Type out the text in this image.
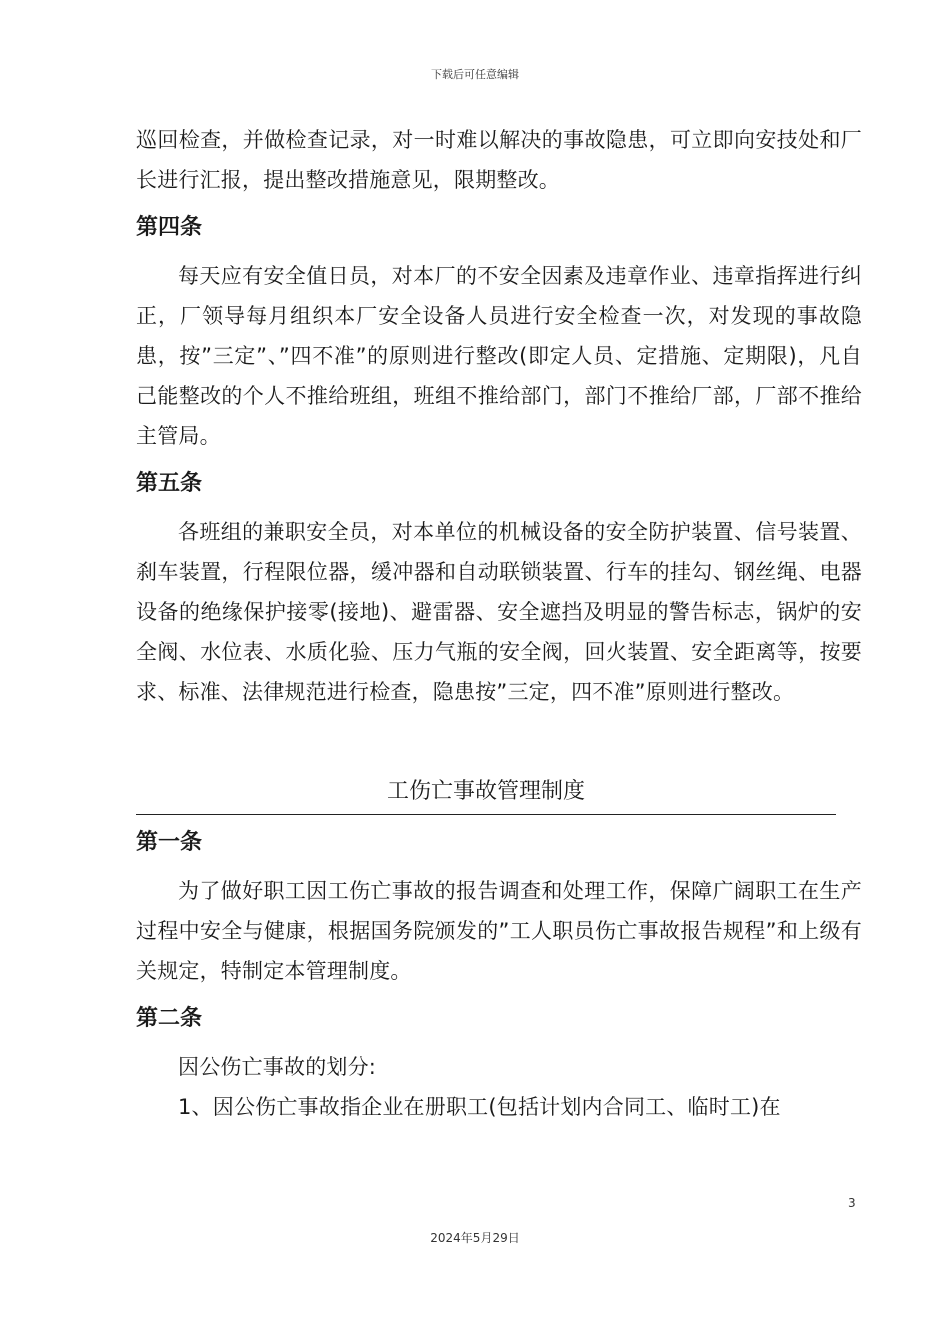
下载后可任意编辑

巡回检查，并做检查记录，对一时难以解决的事故隐患，可立即向安技处和厂长进行汇报，提出整改措施意见，限期整改。

第四条

每天应有安全值日员，对本厂的不安全因素及违章作业、违章指挥进行纠正，厂领导每月组织本厂安全设备人员进行安全检查一次，对发现的事故隐患，按”三定”、”四不准”的原则进行整改(即定人员、定措施、定期限)，凡自己能整改的个人不推给班组，班组不推给部门，部门不推给厂部，厂部不推给主管局。

第五条

各班组的兼职安全员，对本单位的机械设备的安全防护装置、信号装置、刹车装置，行程限位器，缓冲器和自动联锁装置、行车的挂勾、钢丝绳、电器设备的绝缘保护接零(接地)、避雷器、安全遮挡及明显的警告标志，锅炉的安全阀、水位表、水质化验、压力气瓶的安全阀，回火装置、安全距离等，按要求、标准、法律规范进行检查，隐患按”三定，四不准”原则进行整改。

工伤亡事故管理制度
第一条

为了做好职工因工伤亡事故的报告调查和处理工作，保障广阔职工在生产过程中安全与健康，根据国务院颁发的”工人职员伤亡事故报告规程”和上级有关规定，特制定本管理制度。

第二条

因公伤亡事故的划分:

1、因公伤亡事故指企业在册职工(包括计划内合同工、临时工)在

3
2024年5月29日
